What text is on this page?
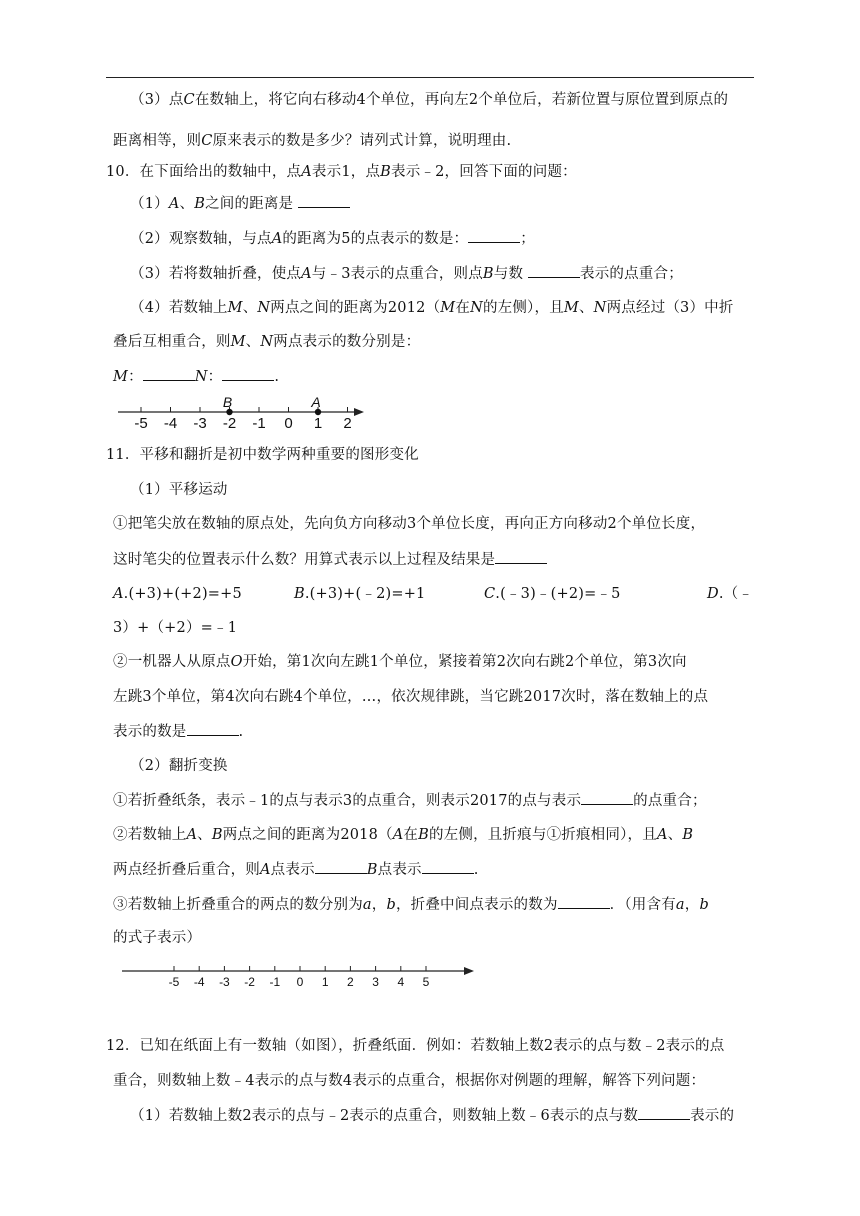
（3）点C在数轴上，将它向右移动4个单位，再向左2个单位后，若新位置与原位置到原点的
距离相等，则C原来表示的数是多少？请列式计算，说明理由.
10．在下面给出的数轴中，点A表示1，点B表示﹣2，回答下面的问题：
（1）A、B之间的距离是
（2）观察数轴，与点A的距离为5的点表示的数是：	；
（3）若将数轴折叠，使点A与﹣3表示的点重合，则点B与数	表示的点重合；
（4）若数轴上M、N两点之间的距离为2012（M在N的左侧），且M、N两点经过（3）中折
叠后互相重合，则M、N两点表示的数分别是：
M：	N：	.
-5 -4 -3 -2 -1 0 1 2
B	A
11．平移和翻折是初中数学两种重要的图形变化
（1）平移运动
①把笔尖放在数轴的原点处，先向负方向移动3个单位长度，再向正方向移动2个单位长度，
这时笔尖的位置表示什么数？用算式表示以上过程及结果是
A.(+3)+(+2)=+5	B.(+3)+(﹣2)=+1	C.(﹣3)﹣(+2)=﹣5	D.（﹣
3）+（+2）=﹣1
②一机器人从原点O开始，第1次向左跳1个单位，紧接着第2次向右跳2个单位，第3次向
左跳3个单位，第4次向右跳4个单位，…，依次规律跳，当它跳2017次时，落在数轴上的点
表示的数是	.
（2）翻折变换
①若折叠纸条，表示﹣1的点与表示3的点重合，则表示2017的点与表示	的点重合；
②若数轴上A、B两点之间的距离为2018（A在B的左侧，且折痕与①折痕相同），且A、B
两点经折叠后重合，则A点表示	B点表示	.
③若数轴上折叠重合的两点的数分别为a，b，折叠中间点表示的数为	．（用含有a，b
的式子表示）
-5 -4 -3 -2 -1 0 1 2 3 4 5
12．已知在纸面上有一数轴（如图），折叠纸面．例如：若数轴上数2表示的点与数﹣2表示的点
重合，则数轴上数﹣4表示的点与数4表示的点重合，根据你对例题的理解，解答下列问题：
（1）若数轴上数2表示的点与﹣2表示的点重合，则数轴上数﹣6表示的点与数	表示的
